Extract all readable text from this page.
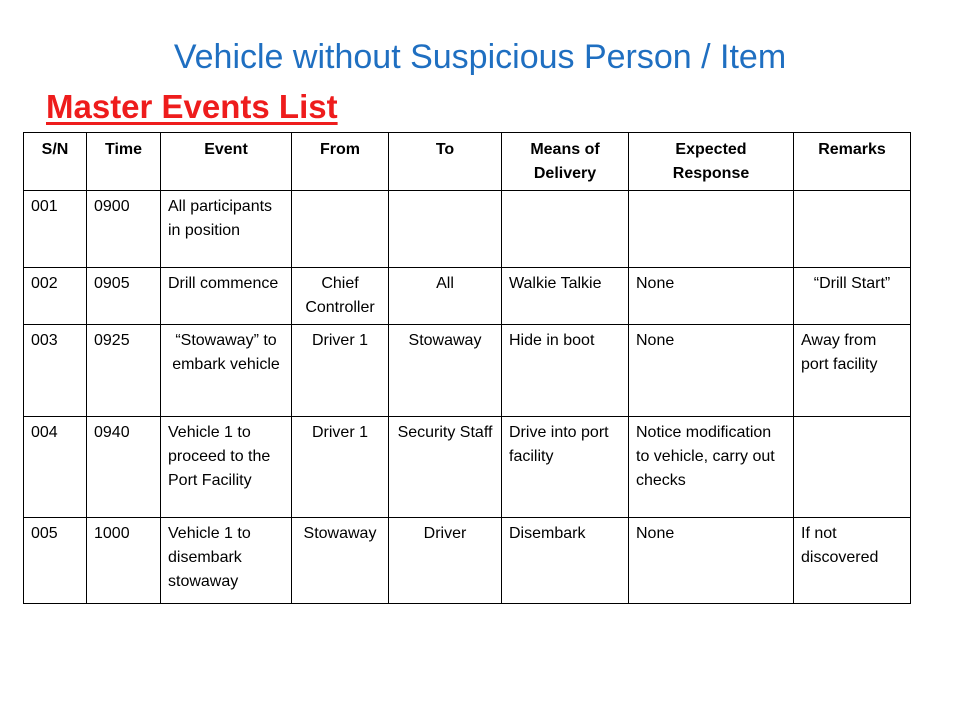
Vehicle without Suspicious Person / Item
Master Events List
S/N	Time	Event	From	To	Means of Delivery	Expected Response	Remarks
001	0900	All participants in position					
002	0905	Drill commence	Chief Controller	All	Walkie Talkie	None	“Drill Start”
003	0925	“Stowaway” to embark vehicle	Driver 1	Stowaway	Hide in boot	None	Away from port facility
004	0940	Vehicle 1 to proceed to the Port Facility	Driver 1	Security Staff	Drive into port facility	Notice modification to vehicle, carry out checks	
005	1000	Vehicle 1 to disembark stowaway	Stowaway	Driver	Disembark	None	If not discovered
